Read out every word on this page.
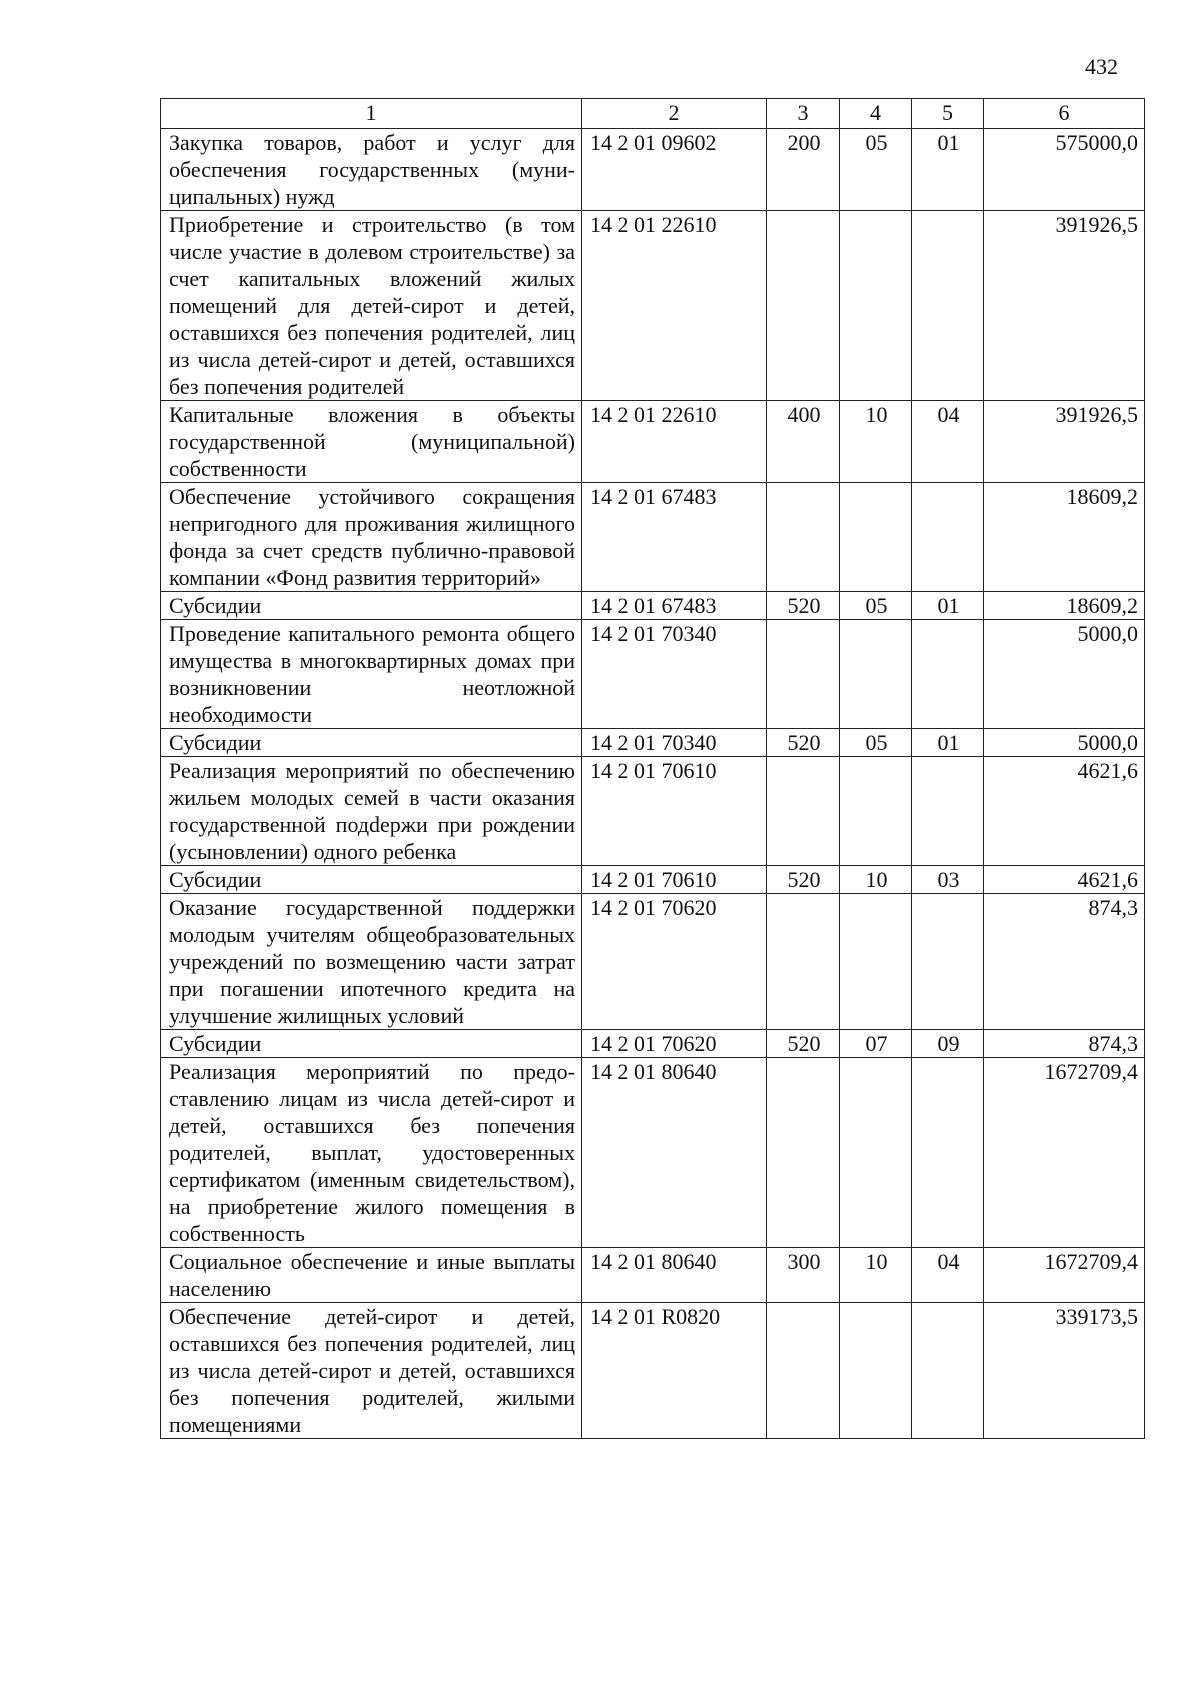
432
1	2	3	4	5	6
Закупка товаров, работ и услуг для обеспечения государственных (муниципальных) нужд	14 2 01 09602	200	05	01	575000,0
Приобретение и строительство (в том числе участие в долевом строительстве) за счет капитальных вложений жилых помещений для детей-сирот и детей, оставшихся без попечения родителей, лиц из числа детей-сирот и детей, оставшихся без попечения родителей	14 2 01 22610				391926,5
Капитальные вложения в объекты государственной (муниципальной) собственности	14 2 01 22610	400	10	04	391926,5
Обеспечение устойчивого сокращения непригодного для проживания жилищного фонда за счет средств публично-правовой компании «Фонд развития территорий»	14 2 01 67483				18609,2
Субсидии	14 2 01 67483	520	05	01	18609,2
Проведение капитального ремонта общего имущества в многоквартирных домах при возникновении неотложной необходимости	14 2 01 70340				5000,0
Субсидии	14 2 01 70340	520	05	01	5000,0
Реализация мероприятий по обеспечению жильем молодых семей в части оказания государственной подdержи при рождении (усыновлении) одного ребенка	14 2 01 70610				4621,6
Субсидии	14 2 01 70610	520	10	03	4621,6
Оказание государственной поддержки молодым учителям общеобразовательных учреждений по возмещению части затрат при погашении ипотечного кредита на улучшение жилищных условий	14 2 01 70620				874,3
Субсидии	14 2 01 70620	520	07	09	874,3
Реализация мероприятий по предоставлению лицам из числа детей-сирот и детей, оставшихся без попечения родителей, выплат, удостоверенных сертификатом (именным свидетельством), на приобретение жилого помещения в собственность	14 2 01 80640				1672709,4
Социальное обеспечение и иные выплаты населению	14 2 01 80640	300	10	04	1672709,4
Обеспечение детей-сирот и детей, оставшихся без попечения родителей, лиц из числа детей-сирот и детей, оставшихся без попечения родителей, жилыми помещениями	14 2 01 R0820				339173,5
